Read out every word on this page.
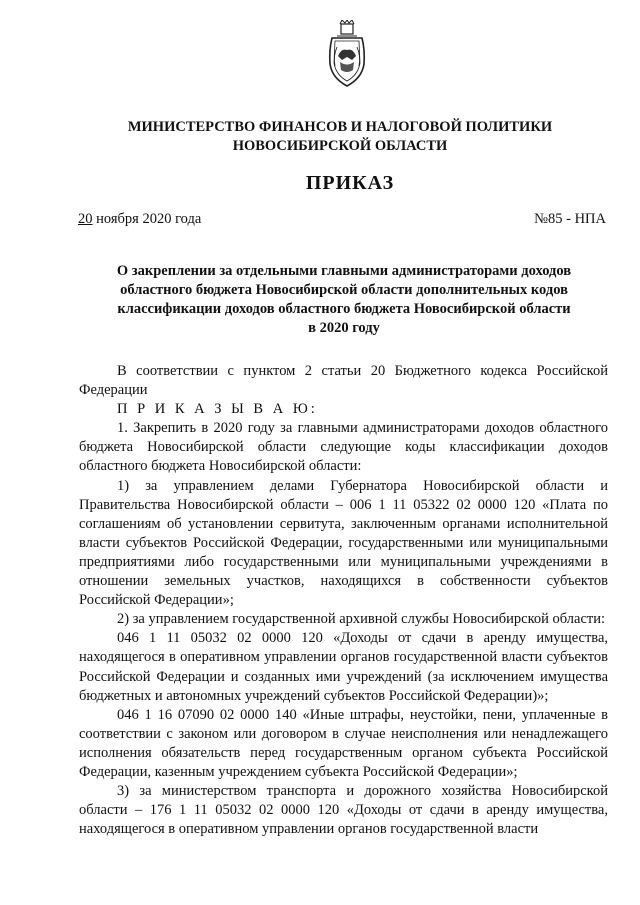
МИНИСТЕРСТВО ФИНАНСОВ И НАЛОГОВОЙ ПОЛИТИКИ
НОВОСИБИРСКОЙ ОБЛАСТИ
ПРИКАЗ
20 ноября 2020 года	№85 - НПА
О закреплении за отдельными главными администраторами доходов
областного бюджета Новосибирской области дополнительных кодов
классификации доходов областного бюджета Новосибирской области
в 2020 году

В соответствии с пунктом 2 статьи 20 Бюджетного кодекса Российской Федерации

П Р И К А З Ы В А Ю:

1. Закрепить в 2020 году за главными администраторами доходов областного бюджета Новосибирской области следующие коды классификации доходов областного бюджета Новосибирской области:

1) за управлением делами Губернатора Новосибирской области и Правительства Новосибирской области – 006 1 11 05322 02 0000 120 «Плата по соглашениям об установлении сервитута, заключенным органами исполнительной власти субъектов Российской Федерации, государственными или муниципальными предприятиями либо государственными или муниципальными учреждениями в отношении земельных участков, находящихся в собственности субъектов Российской Федерации»;

2) за управлением государственной архивной службы Новосибирской области:

046 1 11 05032 02 0000 120 «Доходы от сдачи в аренду имущества, находящегося в оперативном управлении органов государственной власти субъектов Российской Федерации и созданных ими учреждений (за исключением имущества бюджетных и автономных учреждений субъектов Российской Федерации)»;

046 1 16 07090 02 0000 140 «Иные штрафы, неустойки, пени, уплаченные в соответствии с законом или договором в случае неисполнения или ненадлежащего исполнения обязательств перед государственным органом субъекта Российской Федерации, казенным учреждением субъекта Российской Федерации»;

3) за министерством транспорта и дорожного хозяйства Новосибирской области – 176 1 11 05032 02 0000 120 «Доходы от сдачи в аренду имущества, находящегося в оперативном управлении органов государственной власти
